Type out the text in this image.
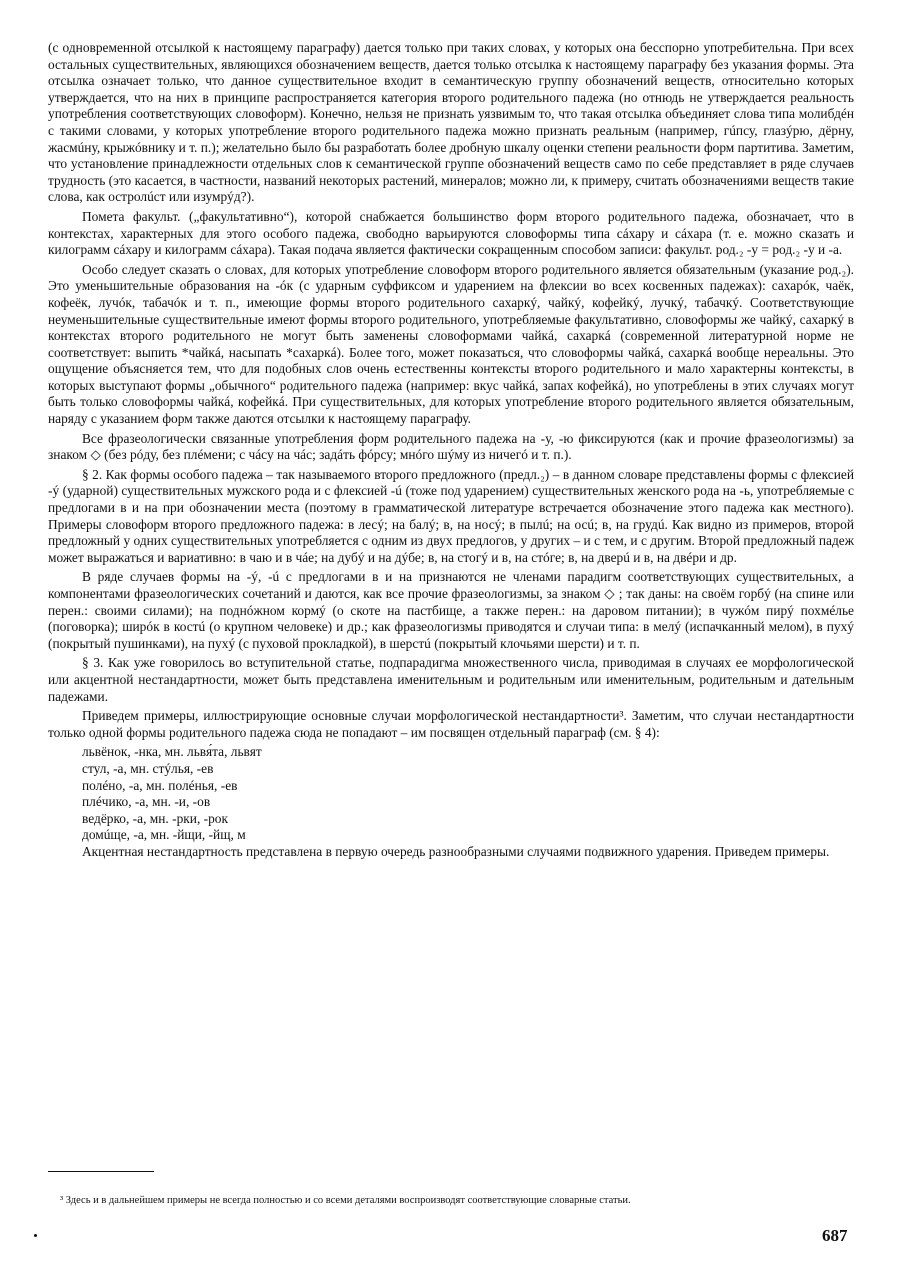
(с одновременной отсылкой к настоящему параграфу) дается только при таких словах, у которых она бесспорно употребительна. При всех остальных существительных, являющихся обозначением веществ, дается только отсылка к настоящему параграфу без указания формы. Эта отсылка означает только, что данное существительное входит в семантическую группу обозначений веществ, относительно которых утверждается, что на них в принципе распространяется категория второго родительного падежа (но отнюдь не утверждается реальность употребления соответствующих словоформ). Конечно, нельзя не признать уязвимым то, что такая отсылка объединяет слова типа молибдéн с такими словами, у которых употребление второго родительного падежа можно признать реальным (например, гúпсу, глазýрю, дёрну, жасмúну, крыжóвнику и т. п.); желательно было бы разработать более дробную шкалу оценки степени реальности форм партитива. Заметим, что установление принадлежности отдельных слов к семантической группе обозначений веществ само по себе представляет в ряде случаев трудность (это касается, в частности, названий некоторых растений, минералов; можно ли, к примеру, считать обозначениями веществ такие слова, как остролúст или изумрýд?).

Помета факульт. („факультативно“), которой снабжается большинство форм второго родительного падежа, обозначает, что в контекстах, характерных для этого особого падежа, свободно варьируются словоформы типа сáхару и сáхара (т. е. можно сказать и килограмм сáхару и килограмм сáхара). Такая подача является фактически сокращенным способом записи: факульт. род.₂ -у = род.₂ -у и -а.

Особо следует сказать о словах, для которых употребление словоформ второго родительного является обязательным (указание род.₂). Это уменьшительные образования на -óк (с ударным суффиксом и ударением на флексии во всех косвенных падежах): сахарóк, чаёк, кофеёк, лучóк, табачóк и т. п., имеющие формы второго родительного сахаркý, чайкý, кофейкý, лучкý, табачкý. Соответствующие неуменьшительные существительные имеют формы второго родительного, употребляемые факультативно, словоформы же чайкý, сахаркý в контекстах второго родительного не могут быть заменены словоформами чайкá, сахаркá (современной литературной норме не соответствует: выпить *чайкá, насыпать *сахаркá). Более того, может показаться, что словоформы чайкá, сахаркá вообще нереальны. Это ощущение объясняется тем, что для подобных слов очень естественны контексты второго родительного и мало характерны контексты, в которых выступают формы „обычного“ родительного падежа (например: вкус чайкá, запах кофейкá), но употреблены в этих случаях могут быть только словоформы чайкá, кофейкá. При существительных, для которых употребление второго родительного является обязательным, наряду с указанием форм также даются отсылки к настоящему параграфу.

Все фразеологически связанные употребления форм родительного падежа на -у, -ю фиксируются (как и прочие фразеологизмы) за знаком ◇ (без рóду, без плéмени; с чáсу на чáс; задáть фóрсу; мнóго шýму из ничегó и т. п.).

§ 2. Как формы особого падежа – так называемого второго предложного (предл.₂) – в данном словаре представлены формы с флексией -ý (ударной) существительных мужского рода и с флексией -ú (тоже под ударением) существительных женского рода на -ь, употребляемые с предлогами в и на при обозначении места (поэтому в грамматической литературе встречается обозначение этого падежа как местного). Примеры словоформ второго предложного падежа: в лесý; на балý; в, на носý; в пылú; на осú; в, на грудú. Как видно из примеров, второй предложный у одних существительных употребляется с одним из двух предлогов, у других – и с тем, и с другим. Второй предложный падеж может выражаться и вариативно: в чаю и в чáе; на дубý и на дýбе; в, на стогý и в, на стóге; в, на дверú и в, на двéри и др.

В ряде случаев формы на -ý, -ú с предлогами в и на признаются не членами парадигм соответствующих существительных, а компонентами фразеологических сочетаний и даются, как все прочие фразеологизмы, за знаком ◇ ; так даны: на своём горбý (на спине или перен.: своими силами); на поднóжном кормý (о скоте на пастбище, а также перен.: на даровом питании); в чужóм пирý похмéлье (поговорка); ширóк в костú (о крупном человеке) и др.; как фразеологизмы приводятся и случаи типа: в мелý (испачканный мелом), в пухý (покрытый пушинками), на пухý (с пуховой прокладкой), в шерстú (покрытый клочьями шерсти) и т. п.

§ 3. Как уже говорилось во вступительной статье, подпарадигма множественного числа, приводимая в случаях ее морфологической или акцентной нестандартности, может быть представлена именительным и родительным или именительным, родительным и дательным падежами.

Приведем примеры, иллюстрирующие основные случаи морфологической нестандартности³. Заметим, что случаи нестандартности только одной формы родительного падежа сюда не попадают – им посвящен отдельный параграф (см. § 4):

львёнок, -нка, мн. львя́та, львят
стул, -а, мн. стýлья, -ев
полéно, -а, мн. полéнья, -ев
плéчико, -а, мн. -и, -ов
ведёрко, -а, мн. -рки, -рок
домúще, -а, мн. -йщи, -йщ, м

Акцентная нестандартность представлена в первую очередь разнообразными случаями подвижного ударения. Приведем примеры.

³ Здесь и в дальнейшем примеры не всегда полностью и со всеми деталями воспроизводят соответствующие словарные статьи.
687
